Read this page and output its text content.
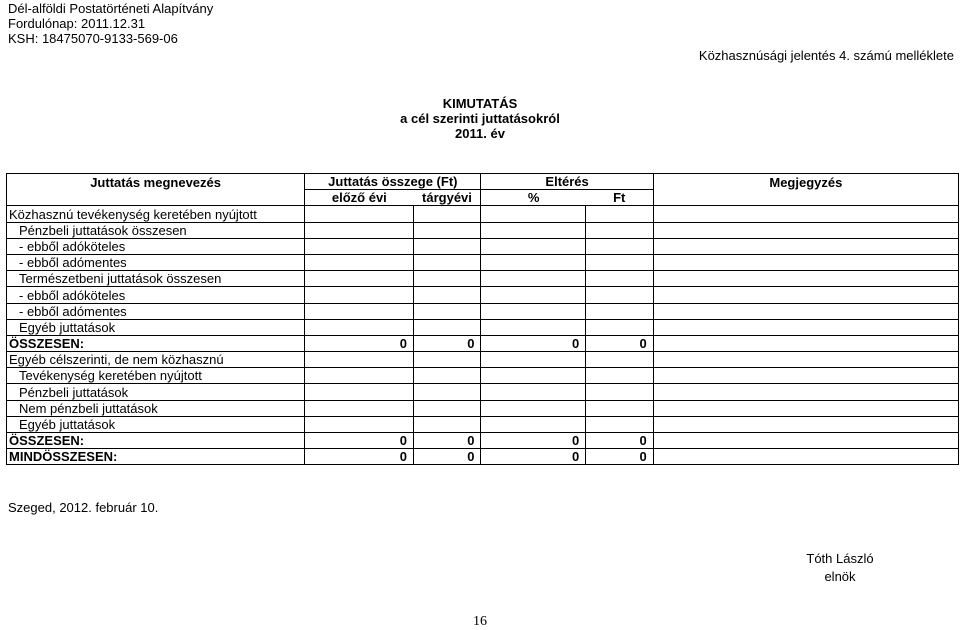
Dél-alföldi Postatörténeti Alapítvány
Fordulónap: 2011.12.31
KSH: 18475070-9133-569-06
Közhasznúsági jelentés 4. számú melléklete
KIMUTATÁS
a cél szerinti juttatásokról
2011. év
Juttatás megnevezés	Juttatás összege (Ft)		Eltérés		Megjegyzés
	előző évi	tárgyévi	%	Ft	
Közhasznú tevékenység keretében nyújtott					
Pénzbeli juttatások összesen					
- ebből adóköteles					
- ebből adómentes					
Természetbeni juttatások összesen					
- ebből adóköteles					
- ebből adómentes					
Egyéb juttatások					
ÖSSZESEN:	0	0	0	0	
Egyéb célszerinti, de nem közhasznú					
Tevékenység keretében nyújtott					
Pénzbeli juttatások					
Nem pénzbeli juttatások					
Egyéb juttatások					
ÖSSZESEN:	0	0	0	0	
MINDÖSSZESEN:	0	0	0	0	
Szeged, 2012. február 10.
Tóth László
elnök
16
